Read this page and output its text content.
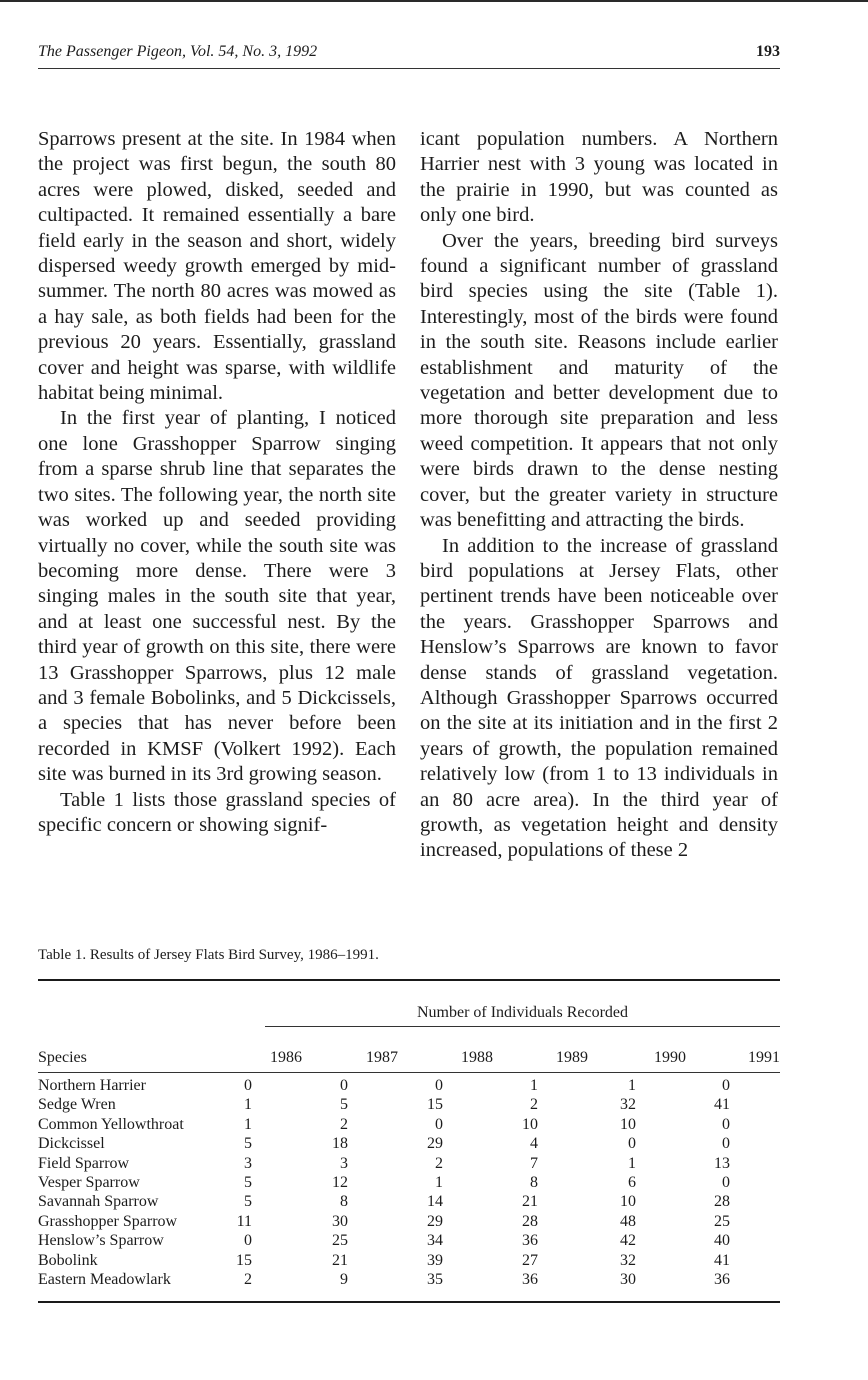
The Passenger Pigeon, Vol. 54, No. 3, 1992	193

Sparrows present at the site. In 1984 when the project was first begun, the south 80 acres were plowed, disked, seeded and cultipacted. It remained essentially a bare field early in the season and short, widely dispersed weedy growth emerged by mid-summer. The north 80 acres was mowed as a hay sale, as both fields had been for the previous 20 years. Essentially, grassland cover and height was sparse, with wildlife habitat being minimal.

In the first year of planting, I noticed one lone Grasshopper Sparrow singing from a sparse shrub line that separates the two sites. The following year, the north site was worked up and seeded providing virtually no cover, while the south site was becoming more dense. There were 3 singing males in the south site that year, and at least one successful nest. By the third year of growth on this site, there were 13 Grasshopper Sparrows, plus 12 male and 3 female Bobolinks, and 5 Dickcissels, a species that has never before been recorded in KMSF (Volkert 1992). Each site was burned in its 3rd growing season.

Table 1 lists those grassland species of specific concern or showing signif-

icant population numbers. A Northern Harrier nest with 3 young was located in the prairie in 1990, but was counted as only one bird.

Over the years, breeding bird surveys found a significant number of grassland bird species using the site (Table 1). Interestingly, most of the birds were found in the south site. Reasons include earlier establishment and maturity of the vegetation and better development due to more thorough site preparation and less weed competition. It appears that not only were birds drawn to the dense nesting cover, but the greater variety in structure was benefitting and attracting the birds.

In addition to the increase of grassland bird populations at Jersey Flats, other pertinent trends have been noticeable over the years. Grasshopper Sparrows and Henslow’s Sparrows are known to favor dense stands of grassland vegetation. Although Grasshopper Sparrows occurred on the site at its initiation and in the first 2 years of growth, the population remained relatively low (from 1 to 13 individuals in an 80 acre area). In the third year of growth, as vegetation height and density increased, populations of these 2

Table 1. Results of Jersey Flats Bird Survey, 1986–1991.
Number of Individuals Recorded
Species	1986	1987	1988	1989	1990	1991
Northern Harrier	0	0	0	1	1	0
Sedge Wren	1	5	15	2	32	41
Common Yellowthroat	1	2	0	10	10	0
Dickcissel	5	18	29	4	0	0
Field Sparrow	3	3	2	7	1	13
Vesper Sparrow	5	12	1	8	6	0
Savannah Sparrow	5	8	14	21	10	28
Grasshopper Sparrow	11	30	29	28	48	25
Henslow’s Sparrow	0	25	34	36	42	40
Bobolink	15	21	39	27	32	41
Eastern Meadowlark	2	9	35	36	30	36
